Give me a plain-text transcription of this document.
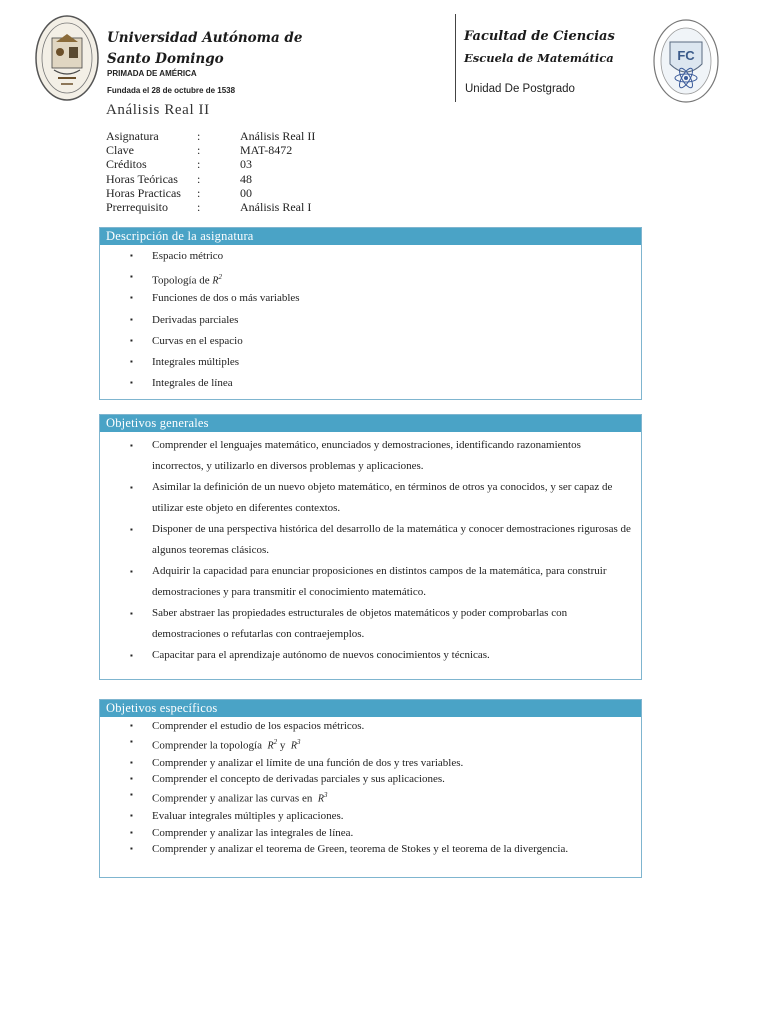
Universidad Autónoma de Santo Domingo
PRIMADA DE AMÉRICA
Fundada el 28 de octubre de 1538
Facultad de Ciencias
Escuela de Matemática
Unidad De Postgrado
FC
Análisis Real II
Asignatura	:	Análisis Real II
Clave	:	MAT-8472
Créditos	:	03
Horas Teóricas :	48
Horas Practicas :	00
Prerrequisito :	Análisis Real I
Descripción de la asignatura
▪ Espacio métrico
▪ Topología de $R^2$
▪ Funciones de dos o más variables
▪ Derivadas parciales
▪ Curvas en el espacio
▪ Integrales múltiples
▪ Integrales de línea
Objetivos generales
▪ Comprender el lenguajes matemático, enunciados y demostraciones, identificando razonamientos incorrectos, y utilizarlo en diversos problemas y aplicaciones.
▪ Asimilar la definición de un nuevo objeto matemático, en términos de otros ya conocidos, y ser capaz de utilizar este objeto en diferentes contextos.
▪ Disponer de una perspectiva histórica del desarrollo de la matemática y conocer demostraciones rigurosas de algunos teoremas clásicos.
▪ Adquirir la capacidad para enunciar proposiciones en distintos campos de la matemática, para construir demostraciones y para transmitir el conocimiento matemático.
▪ Saber abstraer las propiedades estructurales de objetos matemáticos y poder comprobarlas con demostraciones o refutarlas con contraejemplos.
▪ Capacitar para el aprendizaje autónomo de nuevos conocimientos y técnicas.
Objetivos específicos
▪ Comprender el estudio de los espacios métricos.
▪ Comprender la topología  $R^2$ y  $R^3$
▪ Comprender y analizar el límite de una función de dos y tres variables.
▪ Comprender el concepto de derivadas parciales y sus aplicaciones.
▪ Comprender y analizar las curvas en  $R^3$
▪ Evaluar integrales múltiples y aplicaciones.
▪ Comprender y analizar las integrales de línea.
▪ Comprender y analizar el teorema de Green, teorema de Stokes y el teorema de la divergencia.
